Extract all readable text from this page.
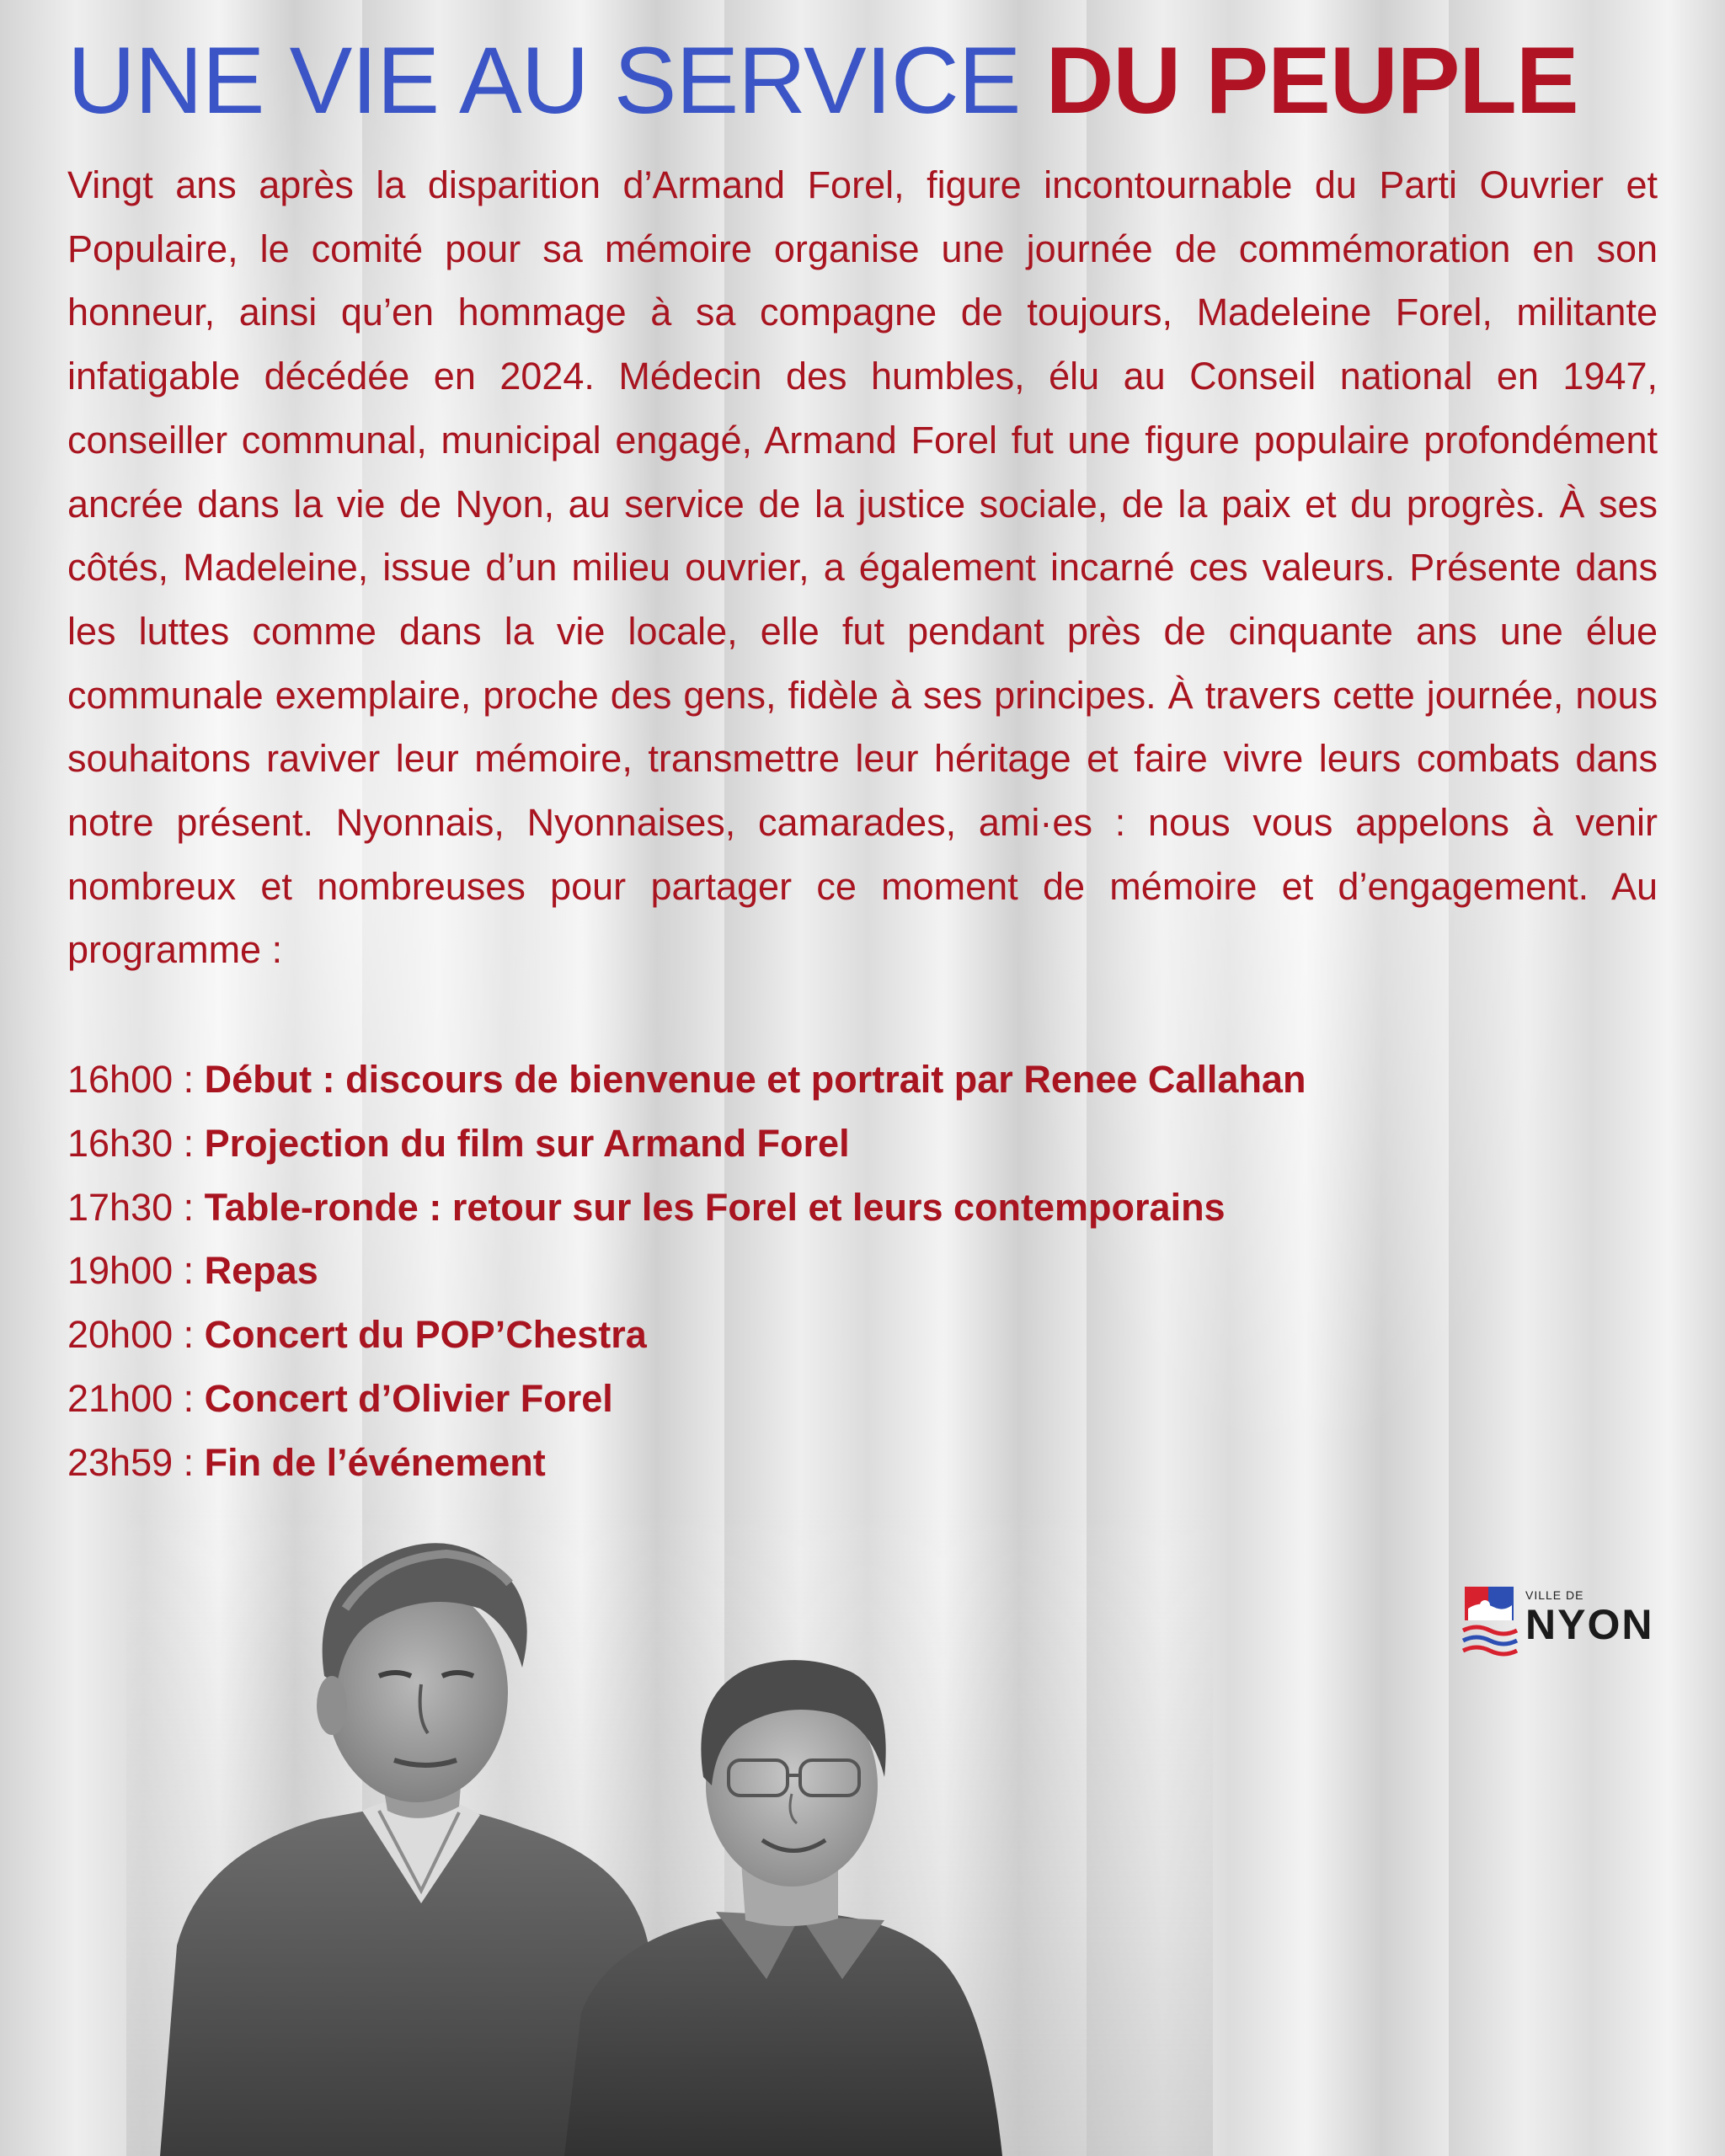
UNE VIE AU SERVICE DU PEUPLE

Vingt ans après la disparition d’Armand Forel, figure incontournable du Parti Ouvrier et Populaire, le comité pour sa mémoire organise une journée de commémoration en son honneur, ainsi qu’en hommage à sa compagne de toujours, Madeleine Forel, militante infatigable décédée en 2024. Médecin des humbles, élu au Conseil national en 1947, conseiller communal, municipal engagé, Armand Forel fut une figure populaire profondément ancrée dans la vie de Nyon, au service de la justice sociale, de la paix et du progrès. À ses côtés, Madeleine, issue d’un milieu ouvrier, a également incarné ces valeurs. Présente dans les luttes comme dans la vie locale, elle fut pendant près de cinquante ans une élue communale exemplaire, proche des gens, fidèle à ses principes. À travers cette journée, nous souhaitons raviver leur mémoire, transmettre leur héritage et faire vivre leurs combats dans notre présent. Nyonnais, Nyonnaises, camarades, ami·es : nous vous appelons à venir nombreux et nombreuses pour partager ce moment de mémoire et d’engagement. Au programme :

16h00 : Début : discours de bienvenue et portrait par Renee Callahan
16h30 : Projection du film sur Armand Forel
17h30 : Table-ronde : retour sur les Forel et leurs contemporains
19h00 : Repas
20h00 : Concert du POP’Chestra
21h00 : Concert d’Olivier Forel
23h59 : Fin de l’événement
VILLE DE
NYON
